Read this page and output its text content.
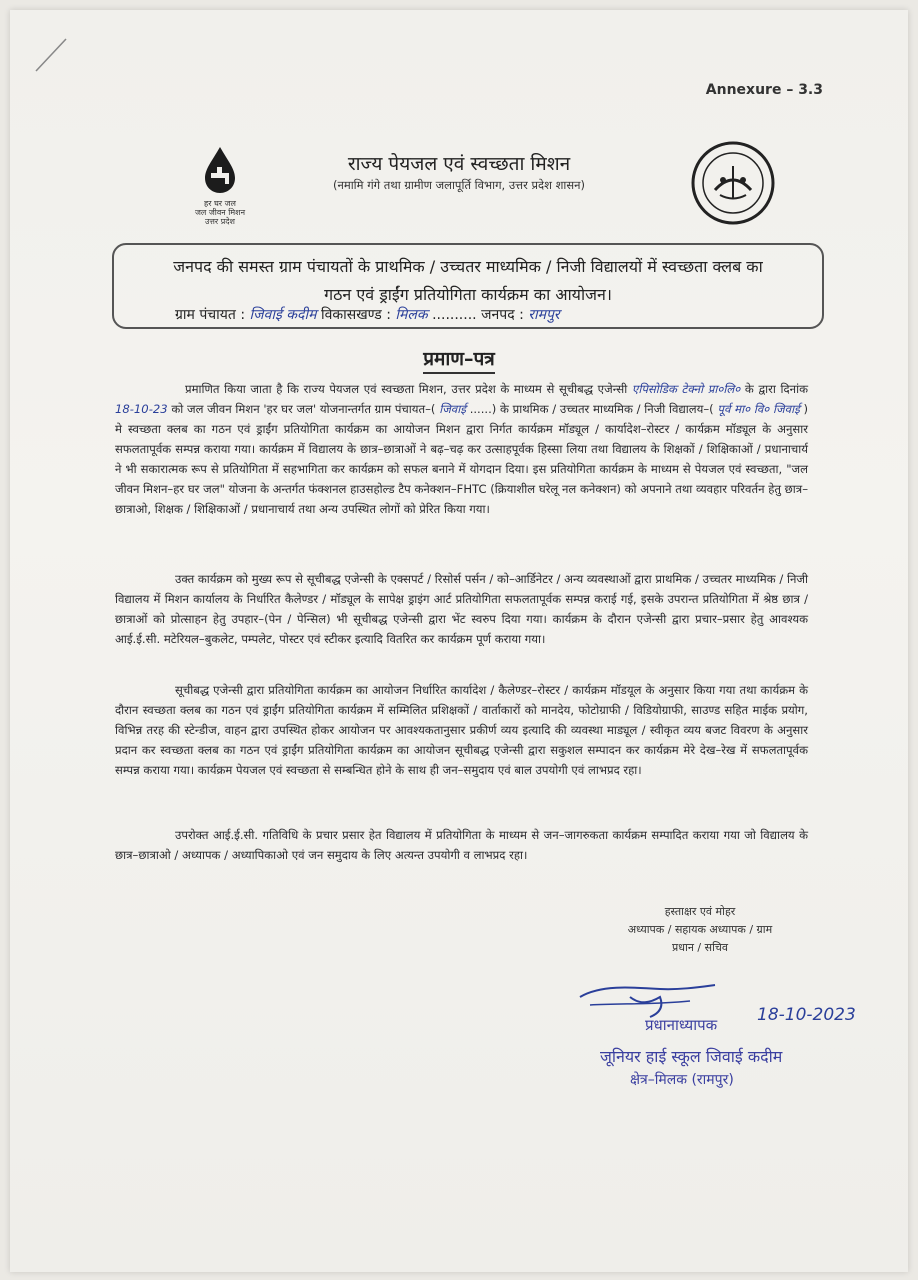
Annexure – 3.3
हर घर जल
जल जीवन मिशन
उत्तर प्रदेश
राज्य पेयजल एवं स्वच्छता मिशन
(नमामि गंगे तथा ग्रामीण जलापूर्ति विभाग, उत्तर प्रदेश शासन)
जनपद की समस्त ग्राम पंचायतों के प्राथमिक / उच्चतर माध्यमिक / निजी विद्यालयों में स्वच्छता क्लब का
गठन एवं ड्राईंग प्रतियोगिता कार्यक्रम का आयोजन।
ग्राम पंचायत : जिवाई कदीम विकासखण्ड : मिलक .......... जनपद : रामपुर
प्रमाण–पत्र
प्रमाणित किया जाता है कि राज्य पेयजल एवं स्वच्छता मिशन, उत्तर प्रदेश के माध्यम से सूचीबद्ध एजेन्सी एपिसोडिक टेक्नो प्रा०लि० के द्वारा दिनांक 18-10-23 को जल जीवन मिशन 'हर घर जल' योजनान्तर्गत ग्राम पंचायत–( जिवाई ......) के प्राथमिक / उच्चतर माध्यमिक / निजी विद्यालय–( पूर्व मा० वि० जिवाई ) मे स्वच्छता क्लब का गठन एवं ड्राईंग प्रतियोगिता कार्यक्रम का आयोजन मिशन द्वारा निर्गत कार्यक्रम मॉड्यूल / कार्यादेश–रोस्टर / कार्यक्रम मॉड्यूल के अनुसार सफलतापूर्वक सम्पन्न कराया गया। कार्यक्रम में विद्यालय के छात्र–छात्राओं ने बढ़–चढ़ कर उत्साहपूर्वक हिस्सा लिया तथा विद्यालय के शिक्षकों / शिक्षिकाओं / प्रधानाचार्य ने भी सकारात्मक रूप से प्रतियोगिता में सहभागिता कर कार्यक्रम को सफल बनाने में योगदान दिया। इस प्रतियोगिता कार्यक्रम के माध्यम से पेयजल एवं स्वच्छता, "जल जीवन मिशन–हर घर जल" योजना के अन्तर्गत फंक्शनल हाउसहोल्ड टैप कनेक्शन–FHTC (क्रियाशील घरेलू नल कनेक्शन) को अपनाने तथा व्यवहार परिवर्तन हेतु छात्र–छात्राओ, शिक्षक / शिक्षिकाओं / प्रधानाचार्य तथा अन्य उपस्थित लोगों को प्रेरित किया गया।
उक्त कार्यक्रम को मुख्य रूप से सूचीबद्ध एजेन्सी के एक्सपर्ट / रिसोर्स पर्सन / को–आर्डिनेटर / अन्य व्यवस्थाओं द्वारा प्राथमिक / उच्चतर माध्यमिक / निजी विद्यालय में मिशन कार्यालय के निर्धारित कैलेण्डर / मॉड्यूल के सापेक्ष ड्राइंग आर्ट प्रतियोगिता सफलतापूर्वक सम्पन्न कराई गई, इसके उपरान्त प्रतियोगिता में श्रेष्ठ छात्र / छात्राओं को प्रोत्साहन हेतु उपहार–(पेन / पेन्सिल) भी सूचीबद्ध एजेन्सी द्वारा भेंट स्वरुप दिया गया। कार्यक्रम के दौरान एजेन्सी द्वारा प्रचार–प्रसार हेतु आवश्यक आई.ई.सी. मटेरियल–बुकलेट, पम्पलेट, पोस्टर एवं स्टीकर इत्यादि वितरित कर कार्यक्रम पूर्ण कराया गया।
सूचीबद्ध एजेन्सी द्वारा प्रतियोगिता कार्यक्रम का आयोजन निर्धारित कार्यादेश / कैलेण्डर–रोस्टर / कार्यक्रम मॉडयूल के अनुसार किया गया तथा कार्यक्रम के दौरान स्वच्छता क्लब का गठन एवं ड्राईंग प्रतियोगिता कार्यक्रम में सम्मिलित प्रशिक्षकों / वार्ताकारों को मानदेय, फोटोग्राफी / विडियोग्राफी, साउण्ड सहित माईक प्रयोग, विभिन्न तरह की स्टेन्डीज, वाहन द्वारा उपस्थित होकर आयोजन पर आवश्यकतानुसार प्रकीर्ण व्यय इत्यादि की व्यवस्था माड्यूल / स्वीकृत व्यय बजट विवरण के अनुसार प्रदान कर स्वच्छता क्लब का गठन एवं ड्राईंग प्रतियोगिता कार्यक्रम का आयोजन सूचीबद्ध एजेन्सी द्वारा सकुशल सम्पादन कर कार्यक्रम मेरे देख–रेख में सफलतापूर्वक सम्पन्न कराया गया। कार्यक्रम पेयजल एवं स्वच्छता से सम्बन्धित होने के साथ ही जन–समुदाय एवं बाल उपयोगी एवं लाभप्रद रहा।
उपरोक्त आई.ई.सी. गतिविधि के प्रचार प्रसार हेत विद्यालय में प्रतियोगिता के माध्यम से जन–जागरुकता कार्यक्रम सम्पादित कराया गया जो विद्यालय के छात्र–छात्राओ / अध्यापक / अध्यापिकाओ एवं जन समुदाय के लिए अत्यन्त उपयोगी व लाभप्रद रहा।
हस्ताक्षर एवं मोहर
अध्यापक / सहायक अध्यापक / ग्राम
प्रधान / सचिव
18-10-2023
प्रधानाध्यापक
जूनियर हाई स्कूल जिवाई कदीम
क्षेत्र–मिलक (रामपुर)
